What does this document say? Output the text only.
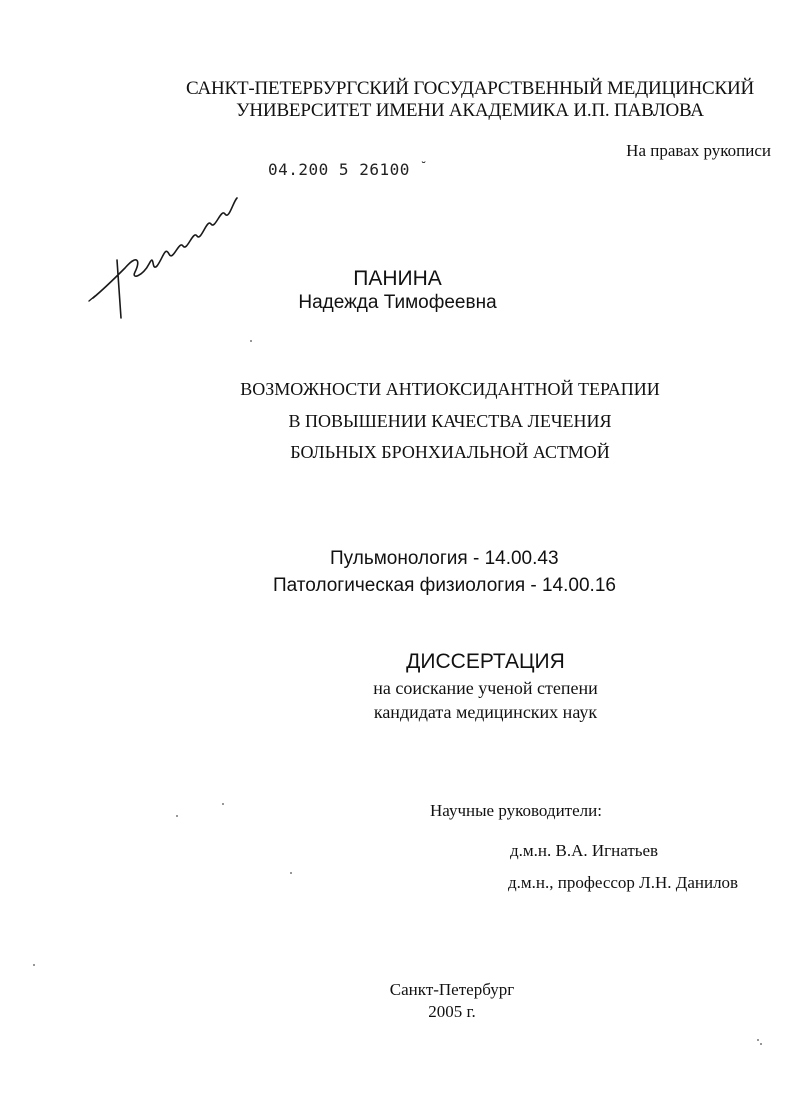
САНКТ-ПЕТЕРБУРГСКИЙ ГОСУДАРСТВЕННЫЙ МЕДИЦИНСКИЙ
УНИВЕРСИТЕТ ИМЕНИ АКАДЕМИКА И.П. ПАВЛОВА
На правах рукописи
04.200 5 26100 ˘
ПАНИНА
Надежда Тимофеевна
ВОЗМОЖНОСТИ АНТИОКСИДАНТНОЙ ТЕРАПИИ
В ПОВЫШЕНИИ КАЧЕСТВА ЛЕЧЕНИЯ
БОЛЬНЫХ БРОНХИАЛЬНОЙ АСТМОЙ
Пульмонология - 14.00.43
Патологическая физиология - 14.00.16
ДИССЕРТАЦИЯ
на соискание ученой степени
кандидата медицинских наук
Научные руководители:
д.м.н. В.А. Игнатьев
д.м.н., профессор Л.Н. Данилов
Санкт-Петербург
2005 г.
